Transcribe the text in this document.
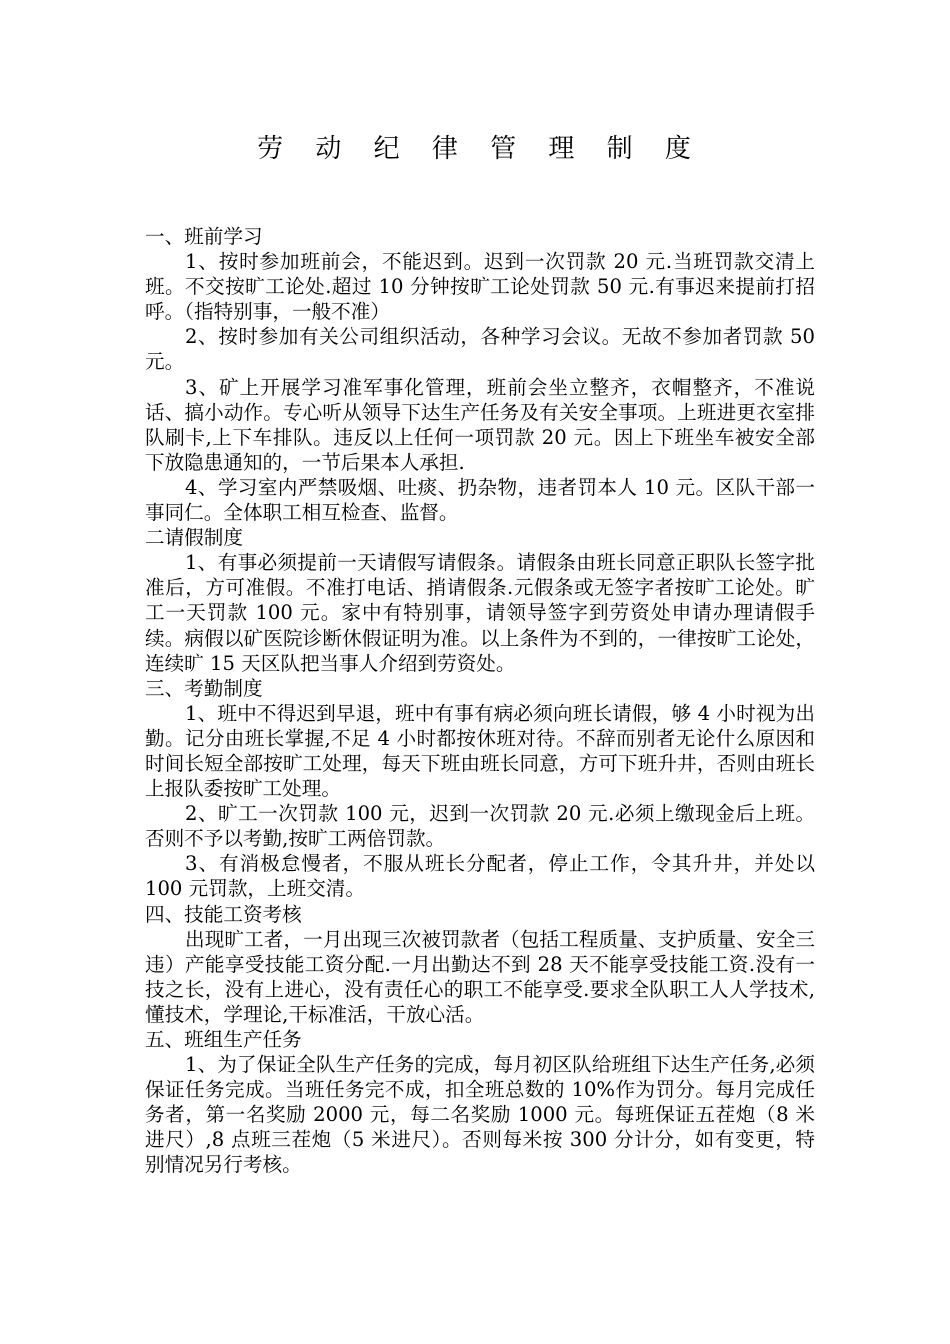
劳 动 纪 律 管 理 制 度

一、班前学习

1、按时参加班前会，不能迟到。迟到一次罚款 20 元.当班罚款交清上班。不交按旷工论处.超过 10 分钟按旷工论处罚款 50 元.有事迟来提前打招呼。（指特别事，一般不准）

2、按时参加有关公司组织活动，各种学习会议。无故不参加者罚款 50 元。

3、矿上开展学习准军事化管理，班前会坐立整齐，衣帽整齐，不准说话、搞小动作。专心听从领导下达生产任务及有关安全事项。上班进更衣室排队刷卡,上下车排队。违反以上任何一项罚款 20 元。因上下班坐车被安全部下放隐患通知的，一节后果本人承担.

4、学习室内严禁吸烟、吐痰、扔杂物，违者罚本人 10 元。区队干部一事同仁。全体职工相互检查、监督。

二请假制度

1、有事必须提前一天请假写请假条。请假条由班长同意正职队长签字批准后，方可准假。不准打电话、捎请假条.元假条或无签字者按旷工论处。旷工一天罚款 100 元。家中有特别事，请领导签字到劳资处申请办理请假手续。病假以矿医院诊断休假证明为准。以上条件为不到的，一律按旷工论处，连续旷 15 天区队把当事人介绍到劳资处。

三、考勤制度

1、班中不得迟到早退，班中有事有病必须向班长请假，够 4 小时视为出勤。记分由班长掌握,不足 4 小时都按休班对待。不辞而别者无论什么原因和时间长短全部按旷工处理，每天下班由班长同意，方可下班升井，否则由班长上报队委按旷工处理。

2、旷工一次罚款 100 元，迟到一次罚款 20 元.必须上缴现金后上班。否则不予以考勤,按旷工两倍罚款。

3、有消极怠慢者，不服从班长分配者，停止工作，令其升井，并处以 100 元罚款，上班交清。

四、技能工资考核

出现旷工者，一月出现三次被罚款者（包括工程质量、支护质量、安全三违）产能享受技能工资分配.一月出勤达不到 28 天不能享受技能工资.没有一技之长，没有上进心，没有责任心的职工不能享受.要求全队职工人人学技术,懂技术，学理论,干标准活，干放心活。

五、班组生产任务

1、为了保证全队生产任务的完成，每月初区队给班组下达生产任务,必须保证任务完成。当班任务完不成，扣全班总数的 10%作为罚分。每月完成任务者，第一名奖励 2000 元，每二名奖励 1000 元。每班保证五茬炮（8 米进尺）,8 点班三茬炮（5 米进尺）。否则每米按 300 分计分，如有变更，特别情况另行考核。
